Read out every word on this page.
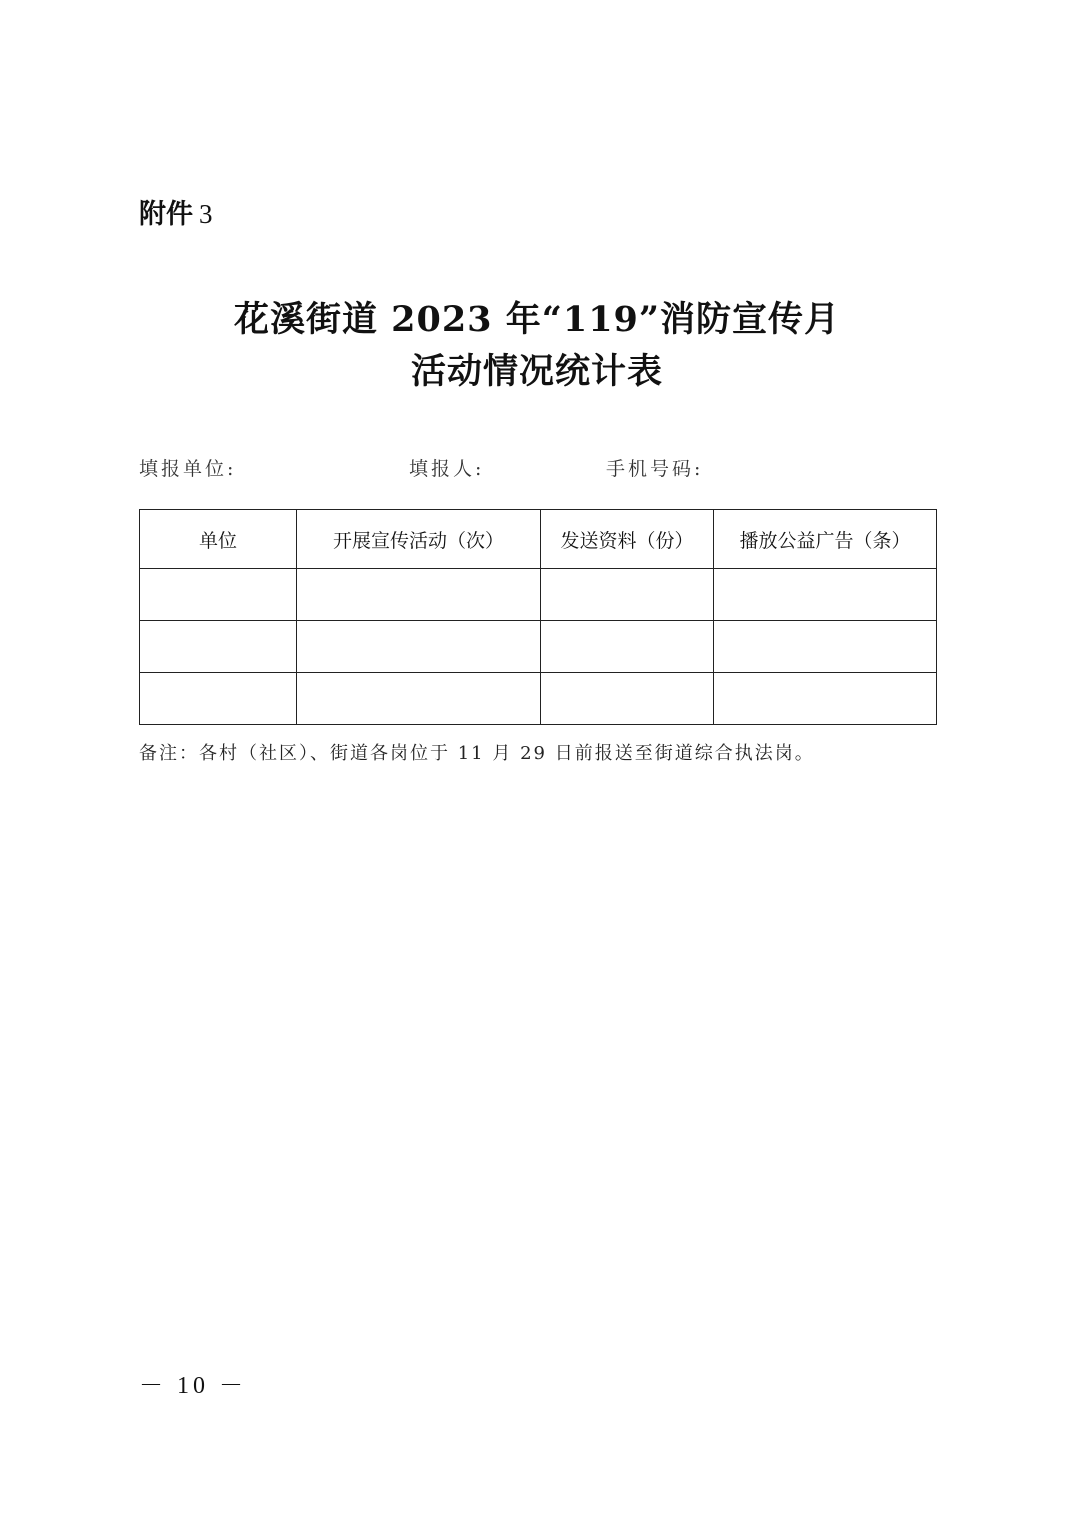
附件 3
花溪街道 2023 年“119”消防宣传月
活动情况统计表
填报单位:	填报人:	手机号码:
单位	开展宣传活动（次）	发送资料（份）	播放公益广告（条）

备注：各村（社区）、街道各岗位于 11 月 29 日前报送至街道综合执法岗。
－ 10 －
